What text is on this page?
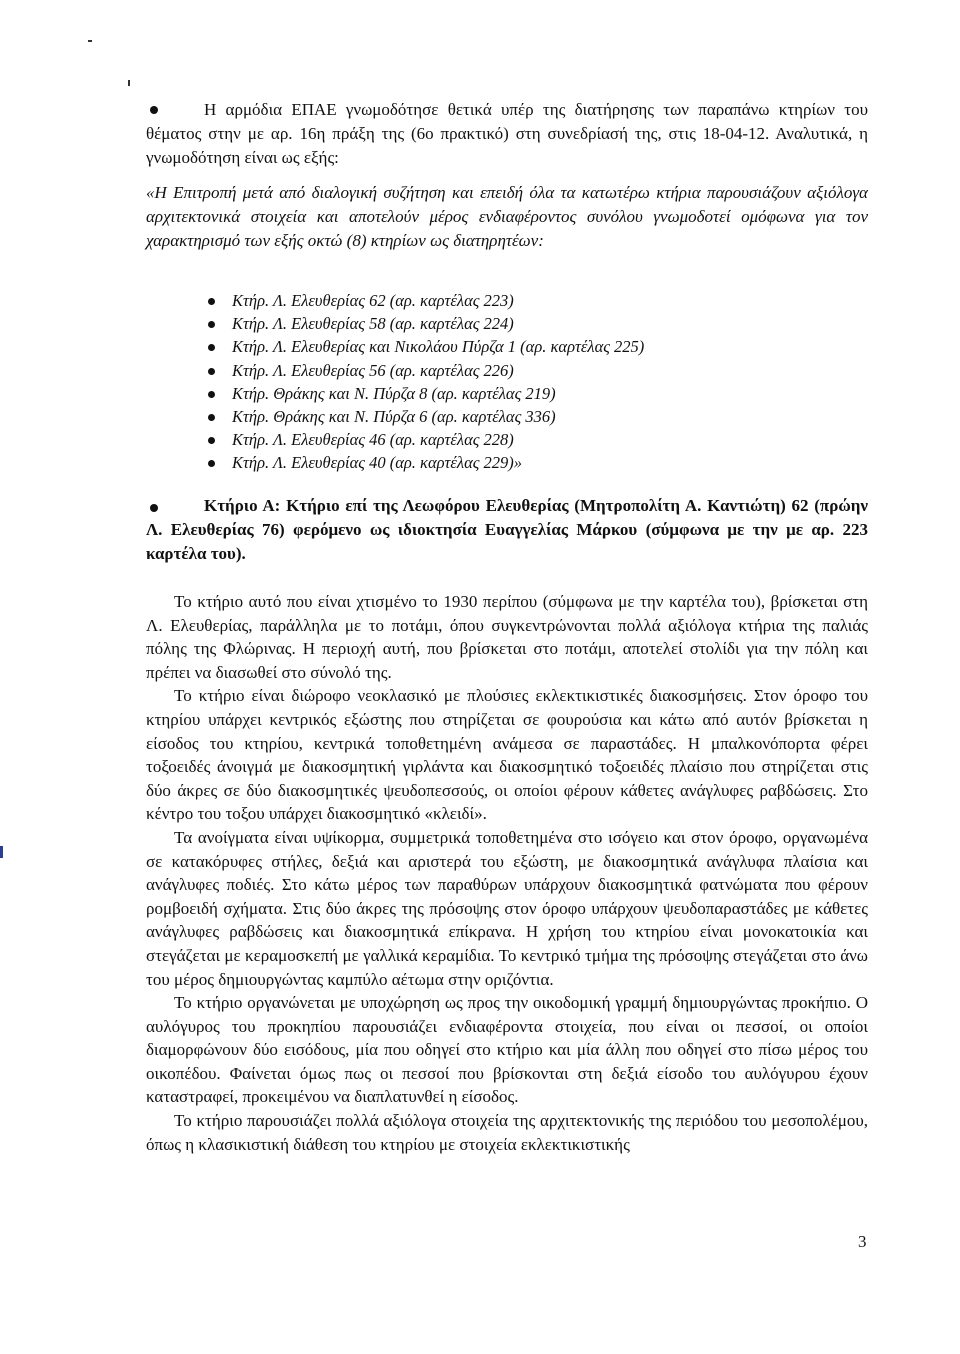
Η αρμόδια ΕΠΑΕ γνωμοδότησε θετικά υπέρ της διατήρησης των παραπάνω κτηρίων του θέματος στην με αρ. 16η πράξη της (6ο πρακτικό) στη συνεδρίασή της, στις 18-04-12. Αναλυτικά, η γνωμοδότηση είναι ως εξής:

«Η Επιτροπή μετά από διαλογική συζήτηση και επειδή όλα τα κατωτέρω κτήρια παρουσιάζουν αξιόλογα αρχιτεκτονικά στοιχεία και αποτελούν μέρος ενδιαφέροντος συνόλου γνωμοδοτεί ομόφωνα για τον χαρακτηρισμό των εξής οκτώ (8) κτηρίων ως διατηρητέων:

Κτήρ. Λ. Ελευθερίας 62 (αρ. καρτέλας 223)
Κτήρ. Λ. Ελευθερίας 58 (αρ. καρτέλας 224)
Κτήρ. Λ. Ελευθερίας και Νικολάου Πύρζα 1 (αρ. καρτέλας 225)
Κτήρ. Λ. Ελευθερίας 56 (αρ. καρτέλας 226)
Κτήρ. Θράκης και Ν. Πύρζα 8 (αρ. καρτέλας 219)
Κτήρ. Θράκης και Ν. Πύρζα 6 (αρ. καρτέλας 336)
Κτήρ. Λ. Ελευθερίας 46 (αρ. καρτέλας 228)
Κτήρ. Λ. Ελευθερίας 40 (αρ. καρτέλας 229)»

Κτήριο Α: Κτήριο επί της Λεωφόρου Ελευθερίας (Μητροπολίτη Α. Καντιώτη) 62 (πρώην Λ. Ελευθερίας 76) φερόμενο ως ιδιοκτησία Ευαγγελίας Μάρκου (σύμφωνα με την με αρ. 223 καρτέλα του).

Το κτήριο αυτό που είναι χτισμένο το 1930 περίπου (σύμφωνα με την καρτέλα του), βρίσκεται στη Λ. Ελευθερίας, παράλληλα με το ποτάμι, όπου συγκεντρώνονται πολλά αξιόλογα κτήρια της παλιάς πόλης της Φλώρινας. Η περιοχή αυτή, που βρίσκεται στο ποτάμι, αποτελεί στολίδι για την πόλη και πρέπει να διασωθεί στο σύνολό της.

Το κτήριο είναι διώροφο νεοκλασικό με πλούσιες εκλεκτικιστικές διακοσμήσεις. Στον όροφο του κτηρίου υπάρχει κεντρικός εξώστης που στηρίζεται σε φουρούσια και κάτω από αυτόν βρίσκεται η είσοδος του κτηρίου, κεντρικά τοποθετημένη ανάμεσα σε παραστάδες. Η μπαλκονόπορτα φέρει τοξοειδές άνοιγμά με διακοσμητική γιρλάντα και διακοσμητικό τοξοειδές πλαίσιο που στηρίζεται στις δύο άκρες σε δύο διακοσμητικές ψευδοπεσσούς, οι οποίοι φέρουν κάθετες ανάγλυφες ραβδώσεις. Στο κέντρο του τοξου υπάρχει διακοσμητικό «κλειδί».

Τα ανοίγματα είναι υψίκορμα, συμμετρικά τοποθετημένα στο ισόγειο και στον όροφο, οργανωμένα σε κατακόρυφες στήλες, δεξιά και αριστερά του εξώστη, με διακοσμητικά ανάγλυφα πλαίσια και ανάγλυφες ποδιές. Στο κάτω μέρος των παραθύρων υπάρχουν διακοσμητικά φατνώματα που φέρουν ρομβοειδή σχήματα. Στις δύο άκρες της πρόσοψης στον όροφο υπάρχουν ψευδοπαραστάδες με κάθετες ανάγλυφες ραβδώσεις και διακοσμητικά επίκρανα. Η χρήση του κτηρίου είναι μονοκατοικία και στεγάζεται με κεραμοσκεπή με γαλλικά κεραμίδια. Το κεντρικό τμήμα της πρόσοψης στεγάζεται στο άνω του μέρος δημιουργώντας καμπύλο αέτωμα στην οριζόντια.

Το κτήριο οργανώνεται με υποχώρηση ως προς την οικοδομική γραμμή δημιουργώντας προκήπιο. Ο αυλόγυρος του προκηπίου παρουσιάζει ενδιαφέροντα στοιχεία, που είναι οι πεσσοί, οι οποίοι διαμορφώνουν δύο εισόδους, μία που οδηγεί στο κτήριο και μία άλλη που οδηγεί στο πίσω μέρος του οικοπέδου. Φαίνεται όμως πως οι πεσσοί που βρίσκονται στη δεξιά είσοδο του αυλόγυρου έχουν καταστραφεί, προκειμένου να διαπλατυνθεί η είσοδος.

Το κτήριο παρουσιάζει πολλά αξιόλογα στοιχεία της αρχιτεκτονικής της περιόδου του μεσοπολέμου, όπως η κλασικιστική διάθεση του κτηρίου με στοιχεία εκλεκτικιστικής

3
